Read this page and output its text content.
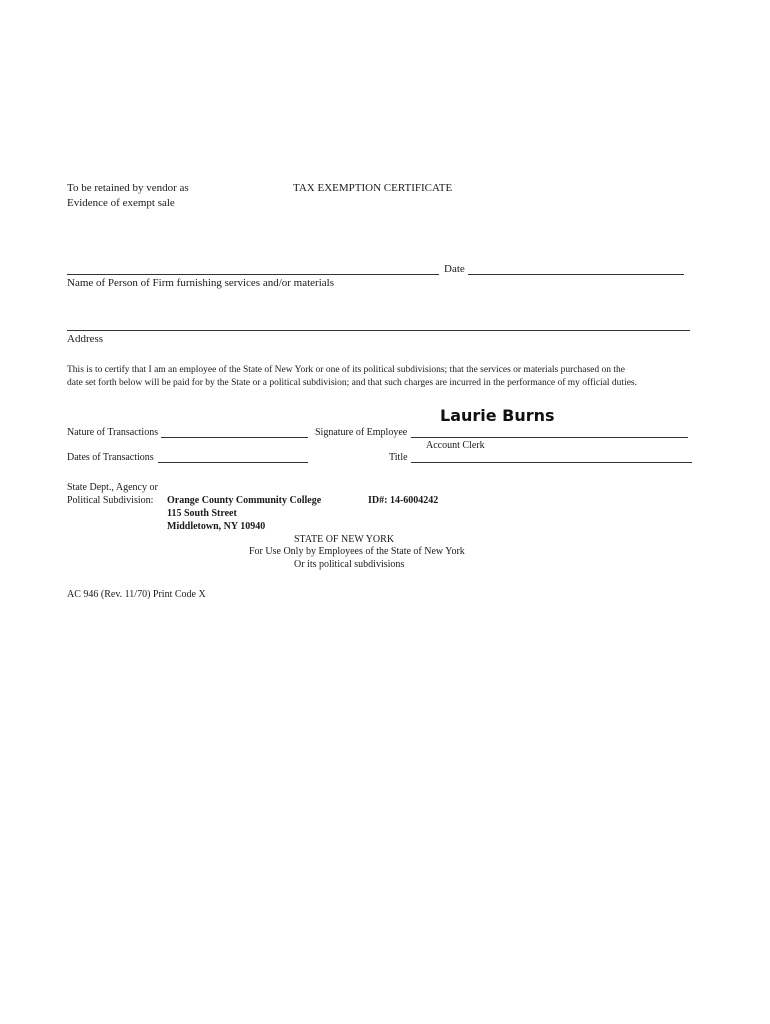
To be retained by vendor as
Evidence of exempt sale
TAX EXEMPTION CERTIFICATE
Date
Name of Person of Firm furnishing services and/or materials
Address
This is to certify that I am an employee of the State of New York or one of its political subdivisions; that the services or materials purchased on the
date set forth below will be paid for by the State or a political subdivision; and that such charges are incurred in the performance of my official duties.
Laurie Burns
Nature of Transactions	Signature of Employee
Account Clerk
Dates of Transactions	Title
State Dept., Agency or
Political Subdivision: Orange County Community College
115 South Street
Middletown, NY 10940
ID#: 14-6004242
STATE OF NEW YORK
For Use Only by Employees of the State of New York
Or its political subdivisions
AC 946 (Rev. 11/70) Print Code X
